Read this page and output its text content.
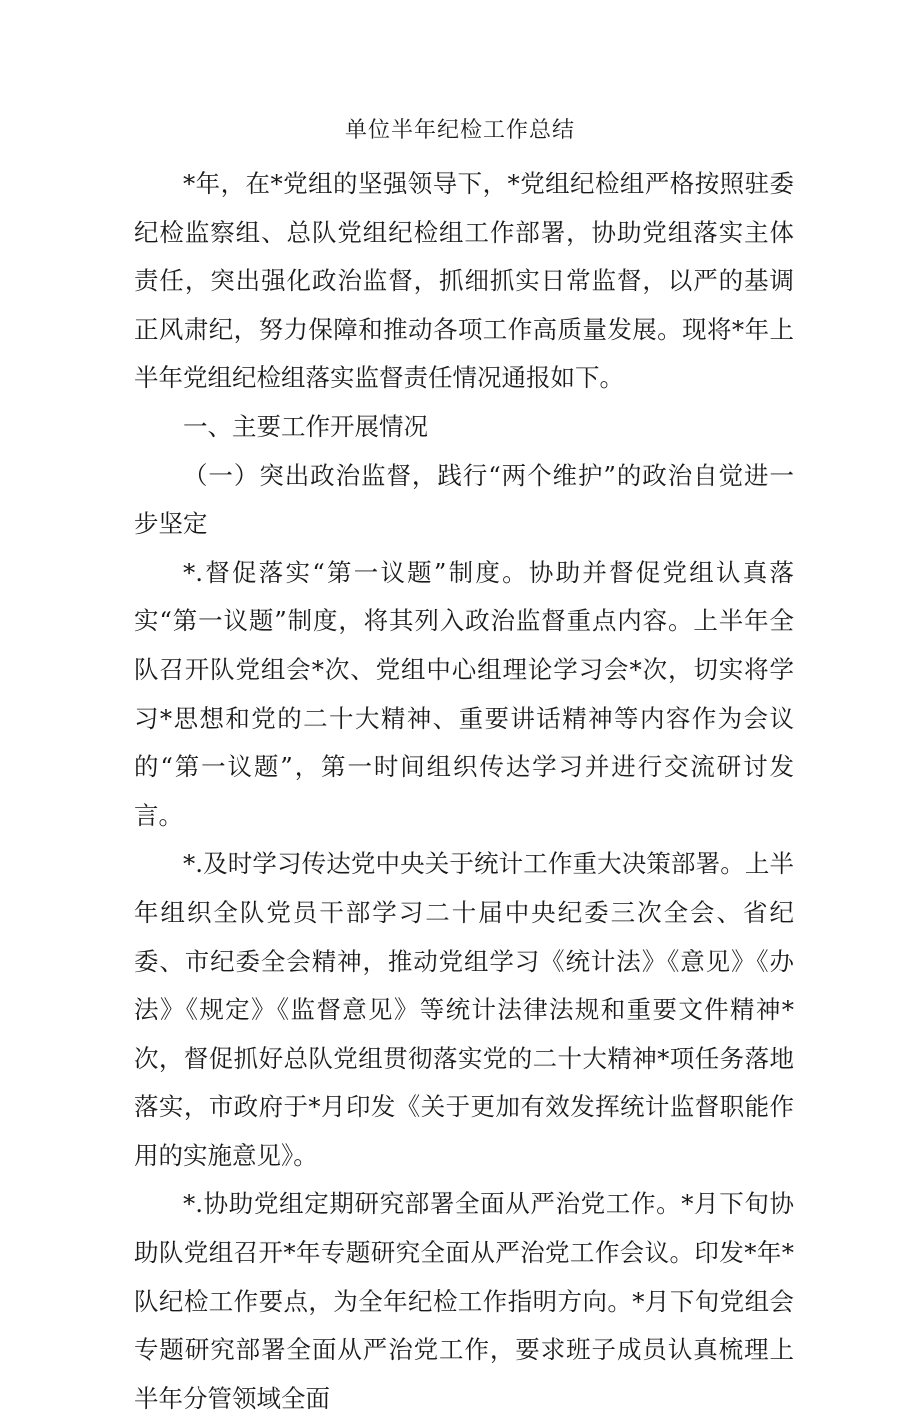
单位半年纪检工作总结

*年，在*党组的坚强领导下，*党组纪检组严格按照驻委纪检监察组、总队党组纪检组工作部署，协助党组落实主体责任，突出强化政治监督，抓细抓实日常监督，以严的基调正风肃纪，努力保障和推动各项工作高质量发展。现将*年上半年党组纪检组落实监督责任情况通报如下。

一、主要工作开展情况

（一）突出政治监督，践行“两个维护”的政治自觉进一步坚定

*.督促落实“第一议题”制度。协助并督促党组认真落实“第一议题”制度，将其列入政治监督重点内容。上半年全队召开队党组会*次、党组中心组理论学习会*次，切实将学习*思想和党的二十大精神、重要讲话精神等内容作为会议的“第一议题”，第一时间组织传达学习并进行交流研讨发言。

*.及时学习传达党中央关于统计工作重大决策部署。上半年组织全队党员干部学习二十届中央纪委三次全会、省纪委、市纪委全会精神，推动党组学习《统计法》《意见》《办法》《规定》《监督意见》等统计法律法规和重要文件精神*次，督促抓好总队党组贯彻落实党的二十大精神*项任务落地落实，市政府于*月印发《关于更加有效发挥统计监督职能作用的实施意见》。

*.协助党组定期研究部署全面从严治党工作。*月下旬协助队党组召开*年专题研究全面从严治党工作会议。印发*年*队纪检工作要点，为全年纪检工作指明方向。*月下旬党组会专题研究部署全面从严治党工作，要求班子成员认真梳理上半年分管领域全面
